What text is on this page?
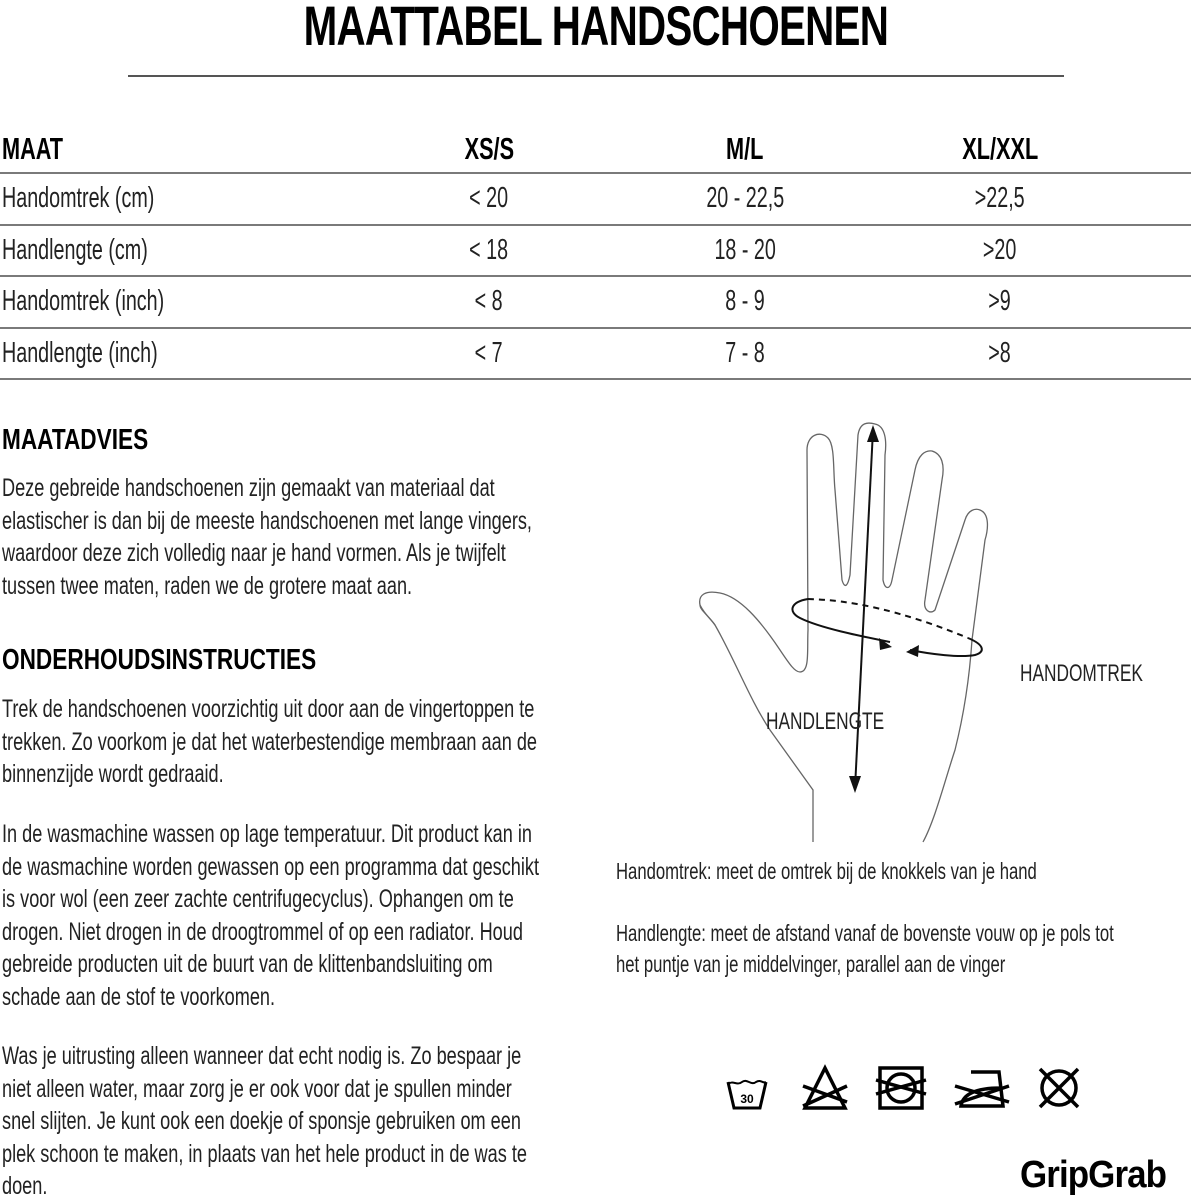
MAATTABEL HANDSCHOENEN
MAAT	XS/S	M/L	XL/XXL
Handomtrek (cm)	< 20	20 - 22,5	>22,5
Handlengte (cm)	< 18	18 - 20	>20
Handomtrek (inch)	< 8	8 - 9	>9
Handlengte (inch)	< 7	7 - 8	>8
MAATADVIES
Deze gebreide handschoenen zijn gemaakt van materiaal dat
elastischer is dan bij de meeste handschoenen met lange vingers,
waardoor deze zich volledig naar je hand vormen. Als je twijfelt
tussen twee maten, raden we de grotere maat aan.
ONDERHOUDSINSTRUCTIES
Trek de handschoenen voorzichtig uit door aan de vingertoppen te
trekken. Zo voorkom je dat het waterbestendige membraan aan de
binnenzijde wordt gedraaid.
In de wasmachine wassen op lage temperatuur. Dit product kan in
de wasmachine worden gewassen op een programma dat geschikt
is voor wol (een zeer zachte centrifugecyclus). Ophangen om te
drogen. Niet drogen in de droogtrommel of op een radiator. Houd
gebreide producten uit de buurt van de klittenbandsluiting om
schade aan de stof te voorkomen.
Was je uitrusting alleen wanneer dat echt nodig is. Zo bespaar je
niet alleen water, maar zorg je er ook voor dat je spullen minder
snel slijten. Je kunt ook een doekje of sponsje gebruiken om een
plek schoon te maken, in plaats van het hele product in de was te
doen.
HANDOMTREK
HANDLENGTE
Handomtrek: meet de omtrek bij de knokkels van je hand
Handlengte: meet de afstand vanaf de bovenste vouw op je pols tot
het puntje van je middelvinger, parallel aan de vinger
30
GripGrab
